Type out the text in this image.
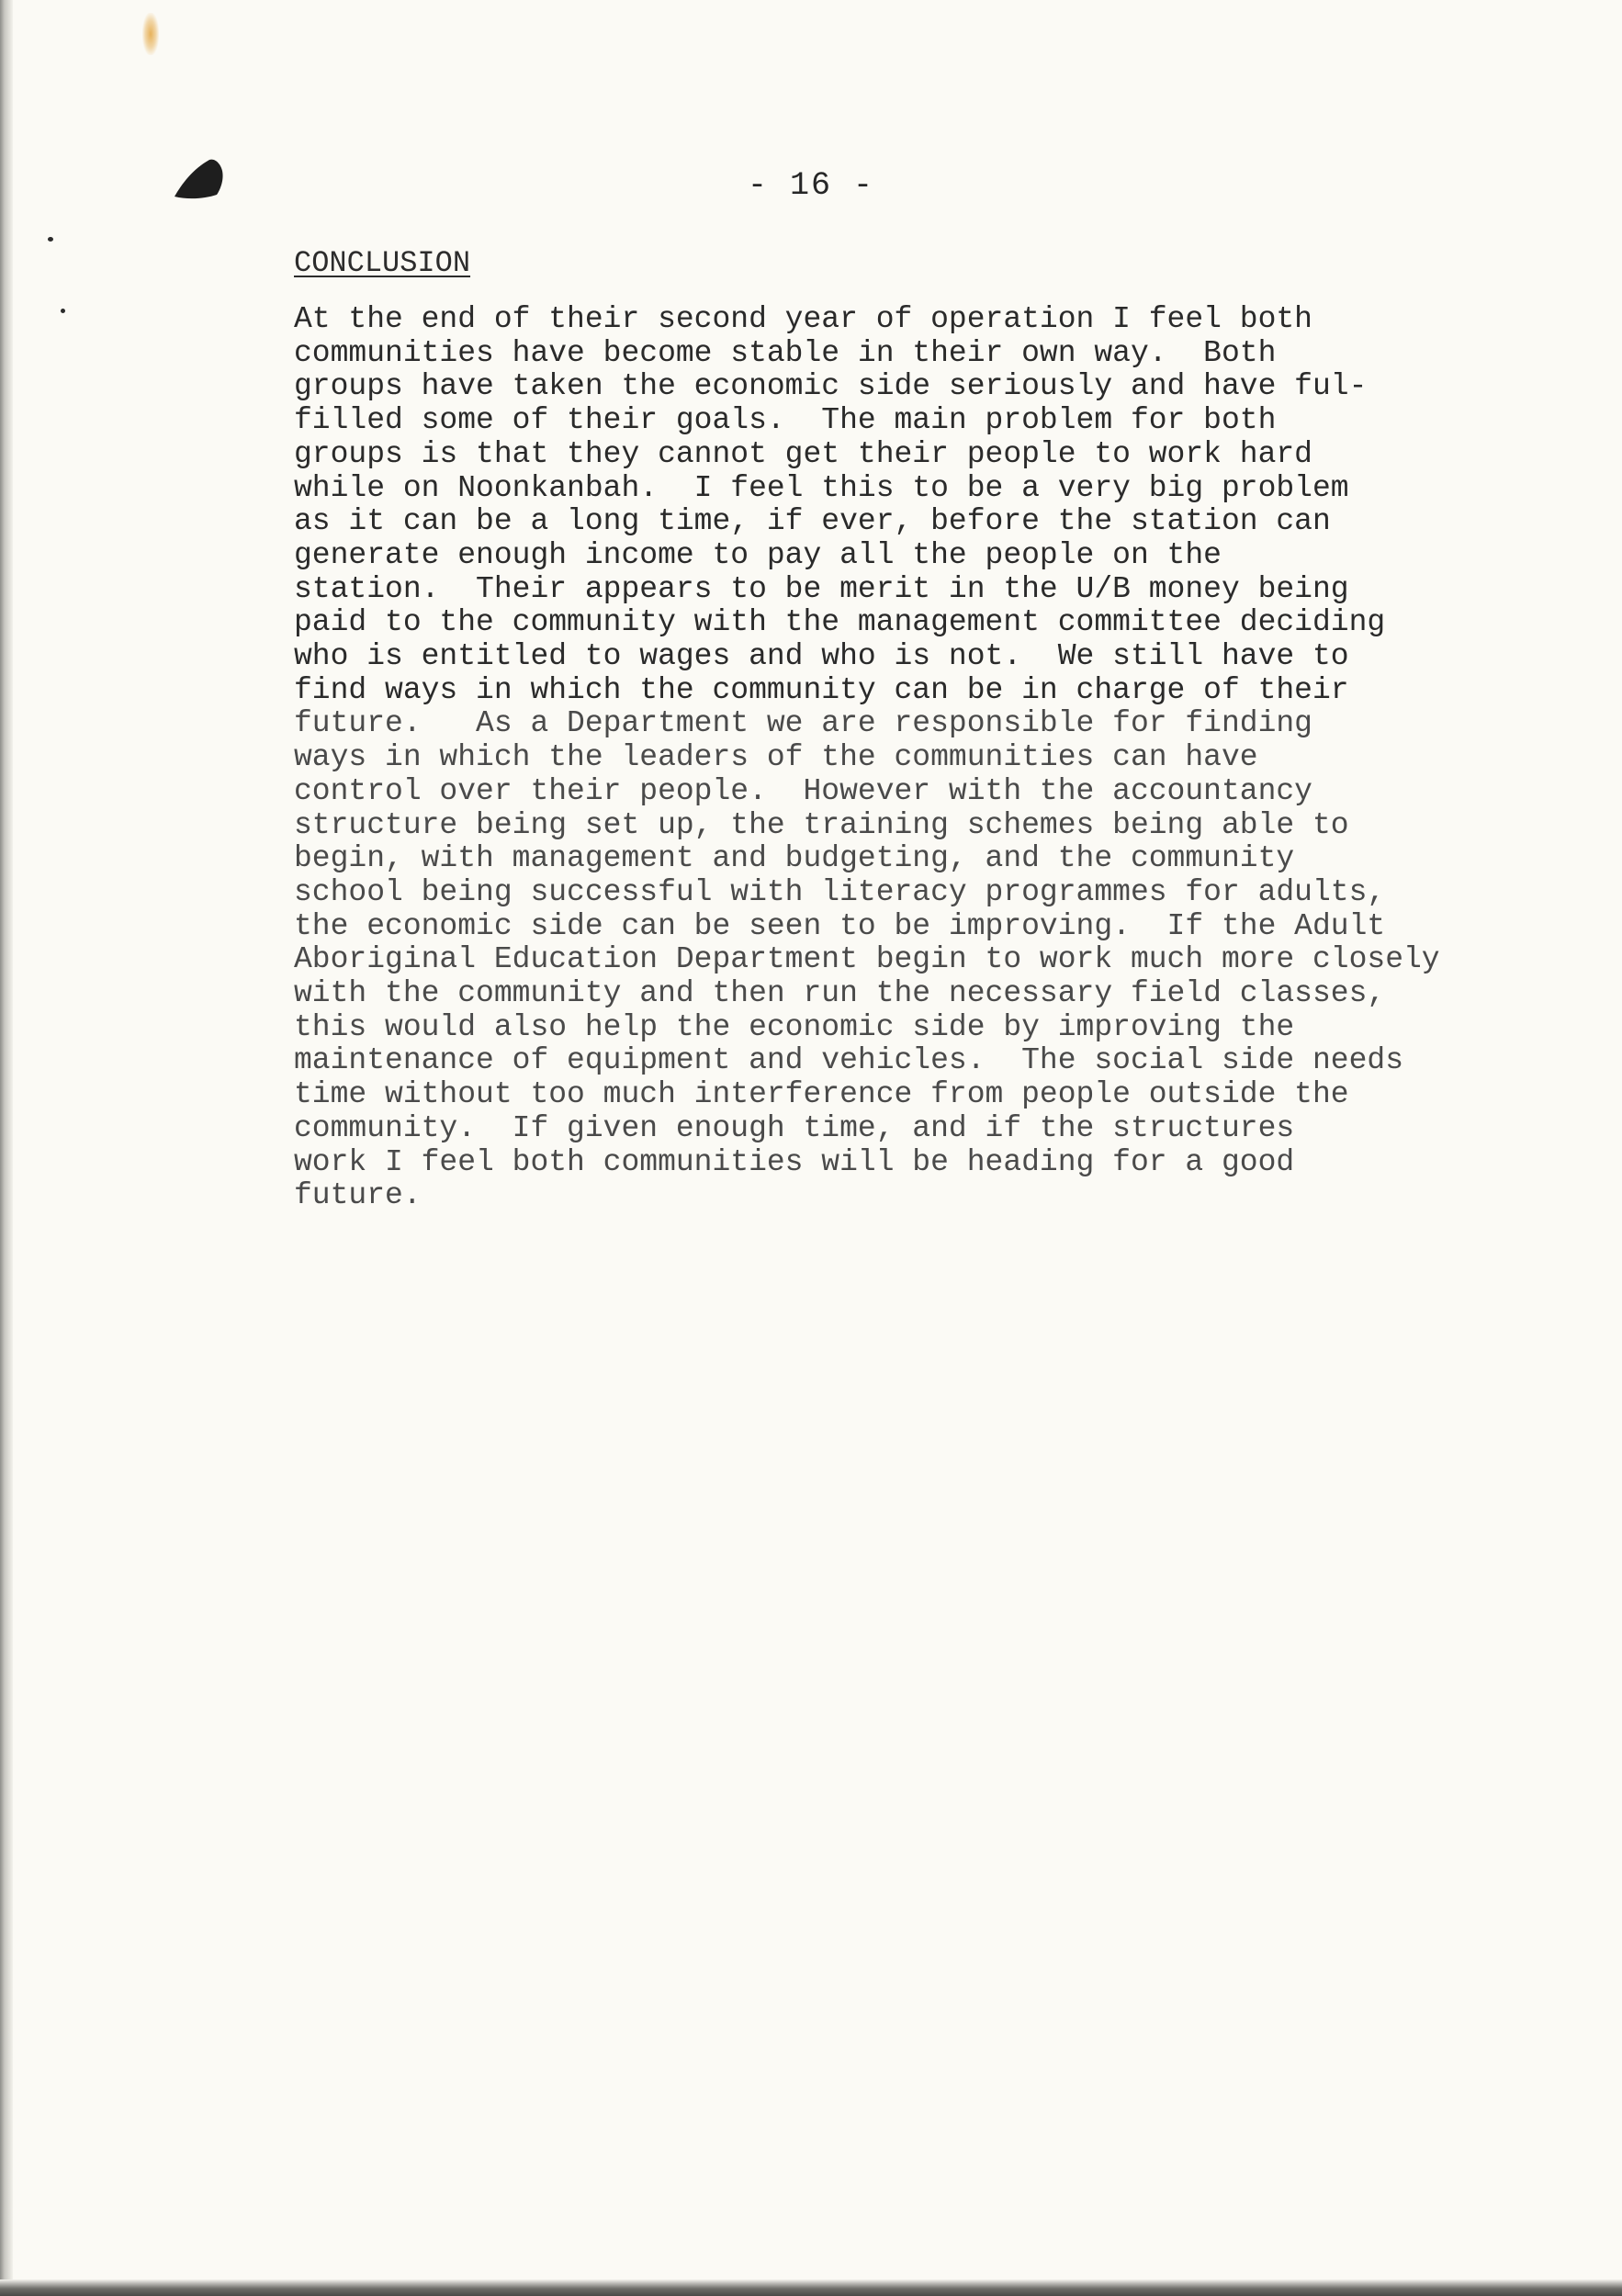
- 16 -
CONCLUSION
At the end of their second year of operation I feel both
communities have become stable in their own way.  Both
groups have taken the economic side seriously and have ful-
filled some of their goals.  The main problem for both
groups is that they cannot get their people to work hard
while on Noonkanbah.  I feel this to be a very big problem
as it can be a long time, if ever, before the station can
generate enough income to pay all the people on the
station.  Their appears to be merit in the U/B money being
paid to the community with the management committee deciding
who is entitled to wages and who is not.  We still have to
find ways in which the community can be in charge of their
future.   As a Department we are responsible for finding
ways in which the leaders of the communities can have
control over their people.  However with the accountancy
structure being set up, the training schemes being able to
begin, with management and budgeting, and the community
school being successful with literacy programmes for adults,
the economic side can be seen to be improving.  If the Adult
Aboriginal Education Department begin to work much more closely
with the community and then run the necessary field classes,
this would also help the economic side by improving the
maintenance of equipment and vehicles.  The social side needs
time without too much interference from people outside the
community.  If given enough time, and if the structures
work I feel both communities will be heading for a good
future.
